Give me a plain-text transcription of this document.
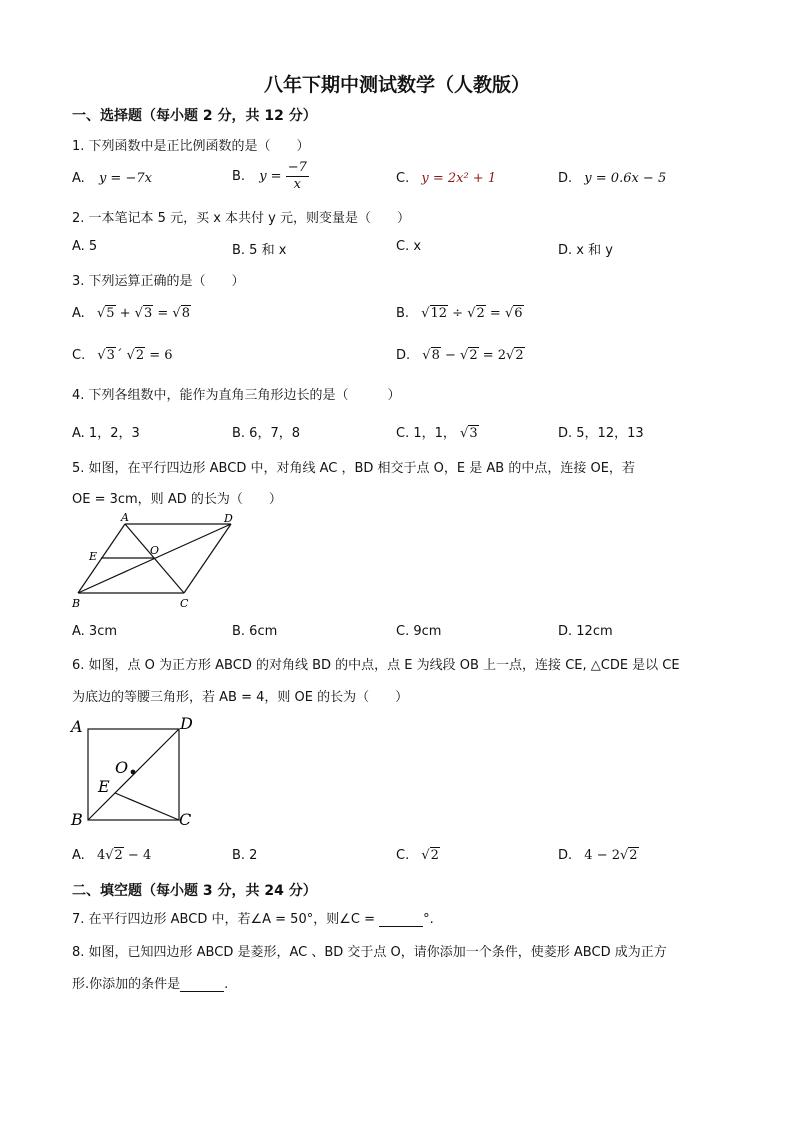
八年下期中测试数学（人教版）
一、选择题（每小题 2 分，共 12 分）
1. 下列函数中是正比例函数的是（　　）
A. y = −7x	B. $y = \frac{-7}{x}$	C. y = 2x² + 1	D. y = 0.6x − 5
2. 一本笔记本 5 元，买 x 本共付 y 元，则变量是（　　）
A. 5	B. 5 和 x	C. x	D. x 和 y
3. 下列运算正确的是（　　）
A. √5 + √3 = √8	B. √12 ÷ √2 = √6
C. √3´ √2 = 6	D. √8 − √2 = 2√2
4. 下列各组数中，能作为直角三角形边长的是（　　　）
A. 1，2，3	B. 6，7，8	C. 1，1， √3	D. 5，12，13
5. 如图，在平行四边形 ABCD 中，对角线 AC ，BD 相交于点 O，E 是 AB 的中点，连接 OE，若
OE = 3cm，则 AD 的长为（　　）
A	D
E	O
B	C
A. 3cm	B. 6cm	C. 9cm	D. 12cm
6. 如图，点 O 为正方形 ABCD 的对角线 BD 的中点，点 E 为线段 OB 上一点，连接 CE, △CDE 是以 CE
为底边的等腰三角形，若 AB = 4，则 OE 的长为（　　）
A	D
O
E
B	C
A. 4√2 − 4	B. 2	C. √2	D. 4 − 2√2
二、填空题（每小题 3 分，共 24 分）
7. 在平行四边形 ABCD 中，若∠A = 50°，则∠C =	°.
8. 如图，已知四边形 ABCD 是菱形，AC 、BD 交于点 O，请你添加一个条件，使菱形 ABCD 成为正方
形.你添加的条件是	.
